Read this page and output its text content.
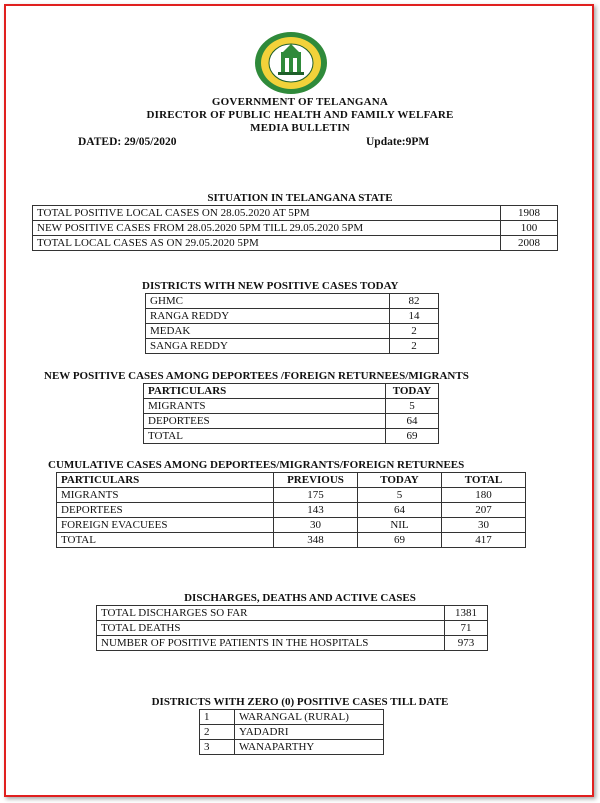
GOVERNMENT OF TELANGANA
DIRECTOR OF PUBLIC HEALTH AND FAMILY WELFARE
MEDIA BULLETIN
DATED: 29/05/2020	Update:9PM
SITUATION IN TELANGANA STATE
TOTAL POSITIVE LOCAL CASES ON 28.05.2020 AT 5PM	1908
NEW POSITIVE CASES FROM 28.05.2020 5PM TILL 29.05.2020 5PM	100
TOTAL LOCAL CASES AS ON 29.05.2020 5PM	2008
DISTRICTS WITH NEW POSITIVE CASES TODAY
GHMC	82
RANGA REDDY	14
MEDAK	2
SANGA REDDY	2
NEW POSITIVE CASES AMONG DEPORTEES /FOREIGN RETURNEES/MIGRANTS
PARTICULARS	TODAY
MIGRANTS	5
DEPORTEES	64
TOTAL	69
CUMULATIVE CASES AMONG DEPORTEES/MIGRANTS/FOREIGN RETURNEES
PARTICULARS	PREVIOUS	TODAY	TOTAL
MIGRANTS	175	5	180
DEPORTEES	143	64	207
FOREIGN EVACUEES	30	NIL	30
TOTAL	348	69	417
DISCHARGES, DEATHS AND ACTIVE CASES
TOTAL DISCHARGES SO FAR	1381
TOTAL DEATHS	71
NUMBER OF POSITIVE PATIENTS IN THE HOSPITALS	973
DISTRICTS WITH ZERO (0) POSITIVE CASES TILL DATE
1	WARANGAL (RURAL)
2	YADADRI
3	WANAPARTHY
